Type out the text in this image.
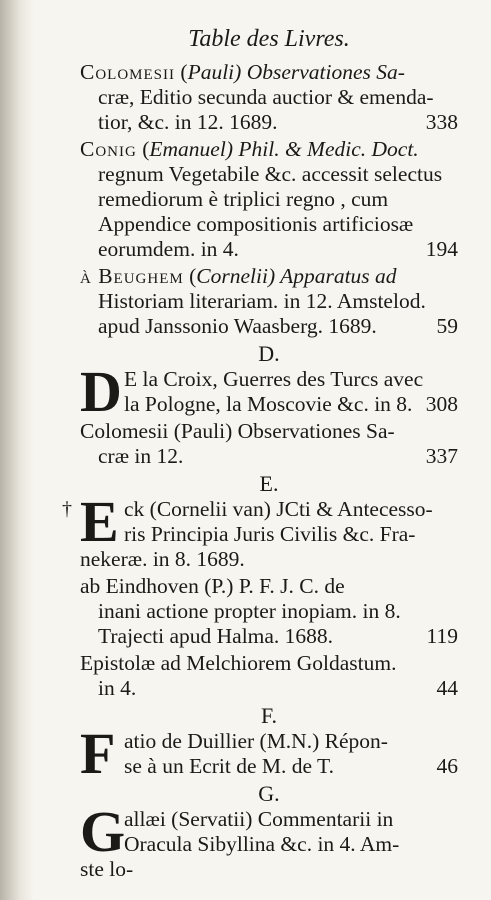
Table des Livres.
Colomesii (Pauli) Observationes Sa-
cræ, Editio secunda auctior & emenda-
tior, &c. in 12. 1689.	338
Conig (Emanuel) Phil. & Medic. Doct.
regnum Vegetabile &c. accessit selectus
remediorum è triplici regno , cum
Appendice compositionis artificiosæ
eorumdem. in 4.	194
à Beughem (Cornelii) Apparatus ad
Historiam literariam. in 12. Amstelod.
apud Janssonio Waasberg. 1689.	59
D.
D E la Croix, Guerres des Turcs avec
la Pologne, la Moscovie &c. in 8. 308
Colomesii (Pauli) Observationes Sa-
cræ in 12.	337
E.
† E ck (Cornelii van) JCti & Antecesso-
ris Principia Juris Civilis &c. Fra-
nekeræ. in 8. 1689.
ab Eindhoven (P.) P. F. J. C. de
inani actione propter inopiam. in 8.
Trajecti apud Halma. 1688.	119
Epistolæ ad Melchiorem Goldastum.
in 4.	44
F.
F atio de Duillier (M.N.) Répon-
se à un Ecrit de M. de T.	46
G.
G
allæi (Servatii) Commentarii in
Oracula Sibyllina &c. in 4. Am-
ste lo-
